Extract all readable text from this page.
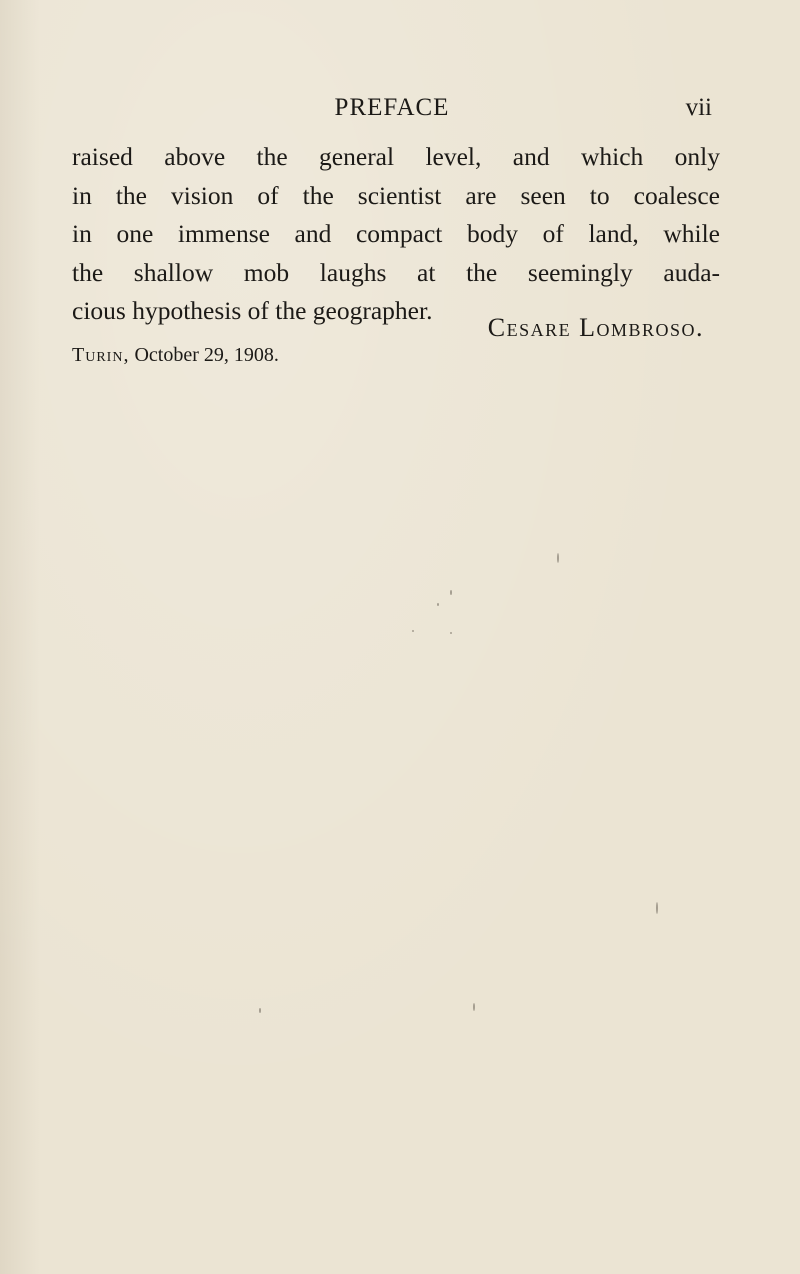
PREFACE	vii
raised above the general level, and which only
in the vision of the scientist are seen to coalesce
in one immense and compact body of land, while
the shallow mob laughs at the seemingly auda-
cious hypothesis of the geographer.
Cesare Lombroso.
Turin, October 29, 1908.
